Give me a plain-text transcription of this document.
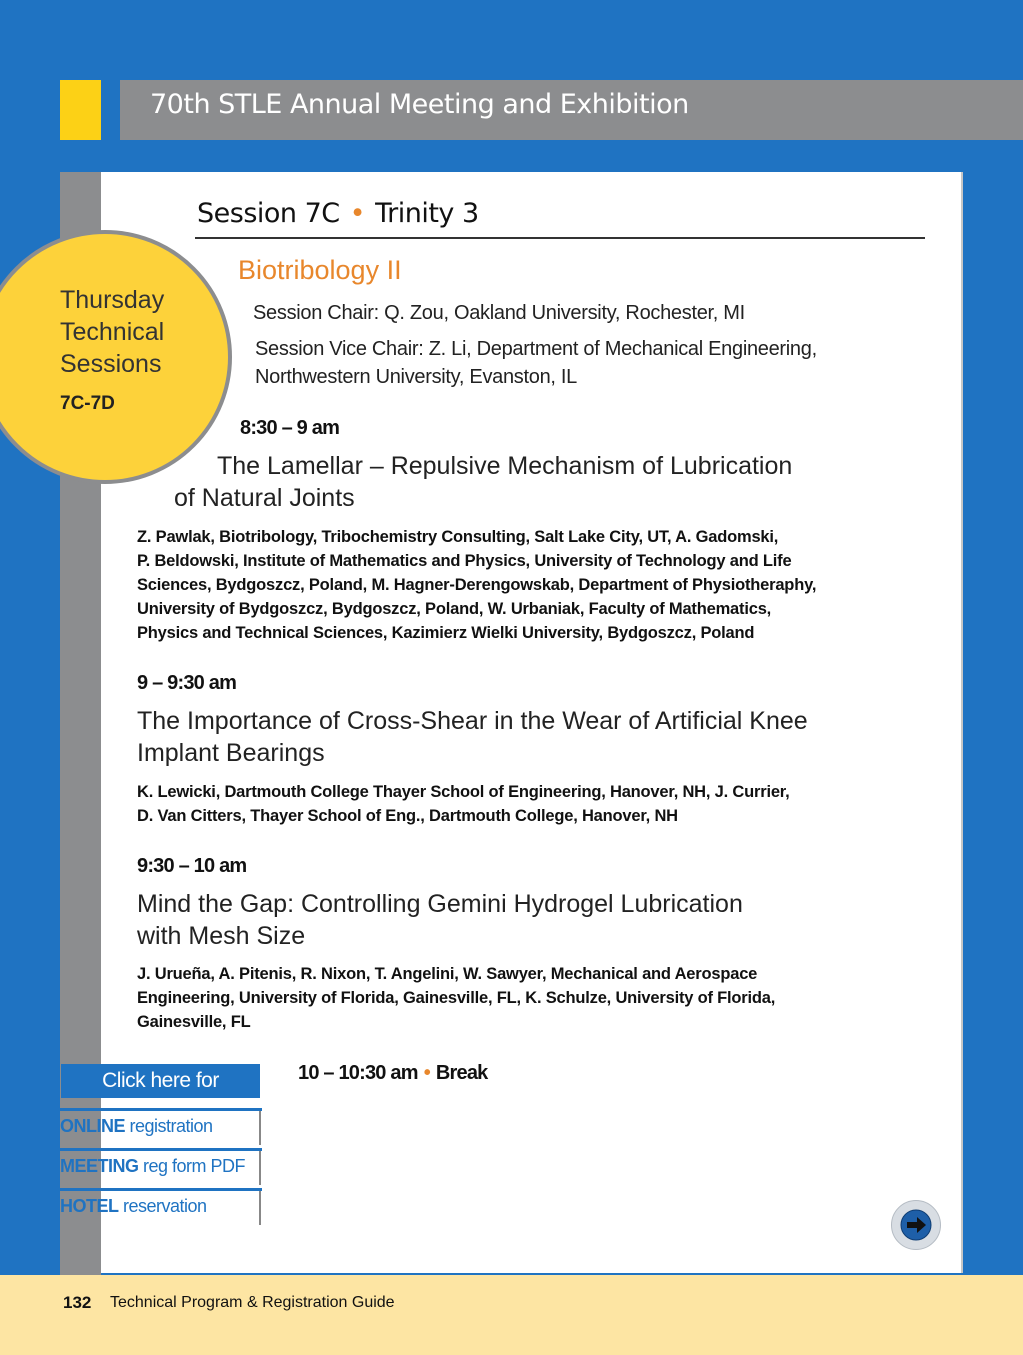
70th STLE Annual Meeting and Exhibition
Thursday
Technical
Sessions
7C-7D
Session 7C • Trinity 3
Biotribology II
Session Chair: Q. Zou, Oakland University, Rochester, MI
Session Vice Chair: Z. Li, Department of Mechanical Engineering,
Northwestern University, Evanston, IL
8:30 – 9 am
The Lamellar – Repulsive Mechanism of Lubrication
of Natural Joints
Z. Pawlak, Biotribology, Tribochemistry Consulting, Salt Lake City, UT, A. Gadomski,
P. Beldowski, Institute of Mathematics and Physics, University of Technology and Life
Sciences, Bydgoszcz, Poland, M. Hagner-Derengowskab, Department of Physiotheraphy,
University of Bydgoszcz, Bydgoszcz, Poland, W. Urbaniak, Faculty of Mathematics,
Physics and Technical Sciences, Kazimierz Wielki University, Bydgoszcz, Poland
9 – 9:30 am
The Importance of Cross-Shear in the Wear of Artificial Knee
Implant Bearings
K. Lewicki, Dartmouth College Thayer School of Engineering, Hanover, NH, J. Currier,
D. Van Citters, Thayer School of Eng., Dartmouth College, Hanover, NH
9:30 – 10 am
Mind the Gap: Controlling Gemini Hydrogel Lubrication
with Mesh Size
J. Urueña, A. Pitenis, R. Nixon, T. Angelini, W. Sawyer, Mechanical and Aerospace
Engineering, University of Florida, Gainesville, FL, K. Schulze, University of Florida,
Gainesville, FL
10 – 10:30 am • Break
Click here for
ONLINE registration
MEETING reg form PDF
HOTEL reservation
132 Technical Program & Registration Guide
